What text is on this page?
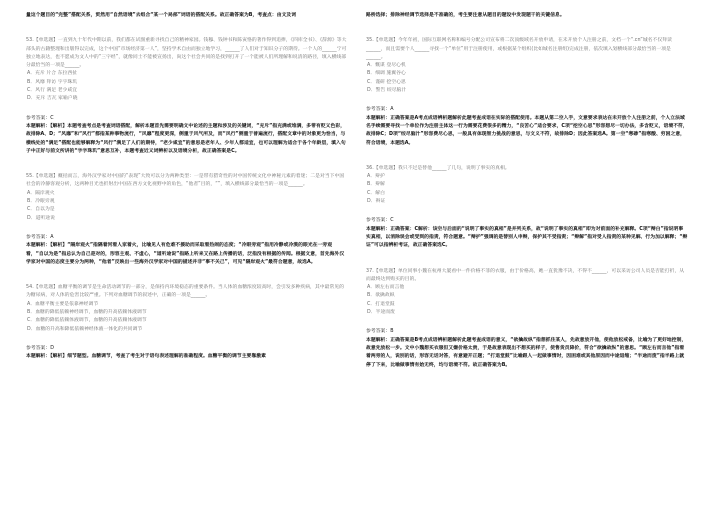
量这个题目的“完整”搭配关系，贸然用“自然语境”去组合“某一个局部”词语的搭配关系。故正确答案为B，考查点：由文及词

53.【单选题】一直到九十年代中期以前，我们都在试图重新寻找自己的精神家园。钱穆、钱钟书和陈寅恪的著作得到追捧，《四库全书》、《辞源》等大部头的古籍整理和出版得以完成，这个中国“市场经济第一人”，坚持学术自由而独立地学习，______了人们对于知识分子的期待。一个人的______宁可独立地表达，也不愿成为文人中的“三字经”，就像同士不能被宣扬出，尚这个社会共同的是找到打开了一个能被人们所理解和说清的路径，填入横线部分最恰当的一项是______。

A．充斥 片合 东拉西扯
B．风靡 拜访 字字珠玑
C．风行 满足 老少咸宜
D．充斥 吉瓦 家喻户晓
参考答案：C

本题解析：【解析】本题考查考点是考查词语搭配，解析本题首先需要明确文中论述的主题和涉及的关键词，“充斥”指充满或堆满，多带有贬义色彩，故排除A、D；“风靡”和“风行”都指某种事物流行，“风靡”程度更深，侧重于风气所及，而“风行”侧重于普遍流行，搭配文章中的对象更为恰当，与横线处的“满足”搭配也能够解释为“风行”满足了人们的期待，“老少咸宜”的意思是老年人、少年人都适宜，也可以理解为适合于各个年龄层，填入句子中正好与前文所讲的“字字珠玑”意思互补，本题考查近义词辨析以及语境分析，故正确答案是C。

55.【单选题】概括而言，海外汉学家对中国的“表现”大致可以分为两种类型：一是带有猎奇性的对中国传统文化中神秘元素的着迷；二是对当下中国社会的冷静客观分析，这两种目光也折射出中国在西方文化视野中的角色，“他者”目的，“”，填入横线部分最恰当的一项是______。

A．隔岸观火
B．冷眼旁观
C．自以为是
D．道听途说
参考答案：A

本题解析：【解析】“隔岸观火”指隔着河看人家着火，比喻见人有危难不援助而采取看热闹的态度；“冷眼旁观”指用冷静或冷漠的眼光在一旁观看，“自以为是”指总认为自己是对的，形容主观、不虚心，“道听途说”指路上听来又在路上传播的话，泛指没有根据的传闻。根据文意，首先海外汉学家对中国的态度主要分为两种，“他者”反映出一些海外汉学家对中国的描述并非“事不关己”，可见“隔岸观火”最符合题意，故选A。

54.【单选题】血糖平衡的调节是生命活动调节的一部分，是保持内环境稳态的重要条件。当人体的血糖浓度较高时，会引发多种疾病，其中最常见的为糖尿病，对人体的危害比较严重。下列对血糖调节的叙述中，正确的一项是______。

A．血糖平衡主要是依靠神经调节
B．血糖的降低依赖神经调节，血糖的升高依赖体液调节
C．血糖的降低依赖体液调节，血糖的升高依赖体液调节
D．血糖的升高和降低依赖神经体液一体化的共同调节
参考答案：D

本题解析：【解析】细节题型。血糖调节，考查了考生对于语句表述理解的准确程度。血糖平衡的调节主要靠激素

路桥选择；排除神经调节选择是不准确的，考生要注意从题目的题设中发现题干的关键信息。

35.【单选题】今年年初，国际互联网名称和编号分配公司宣布将二次顶级域名开放申请，在未开放个人注册之前，文档一个“.cn”城名不仅拜读______，而且需要个人______寻找一个“单位”用于注册使用，或根据某个组织(比如城名注册组)完成注册，依次填入划横线部分最恰当的一项是______。

A．慨谋 登尽心机
B．细调 施翼谷心
C．谨研 挖空心思
D．警告 绞尽脑汁
参考答案：A

本题解析：正确答案是A考点成语辨析题解析此题考查成语在实际的搭配使用。本题从第二空入手，文意要求表达在未开放个人注册之前，个人立法域名手续需要寻找一个单位作为注册主体这一行为需要花费很多的精力，“良苦心”适合要求，C项“挖空心思”形容想尽一切办法，多含贬义，语境不符，故排除C；D项“绞尽脑汁”形容费尽心思，一般具有体现智力挑战的意思，与文义不符，故排除D；因此答案选A。第一空“寒碜”指寒酸、穷困之意，符合语境，本题选A。

36.【单选题】我只不过是替他______了几句，说明了事实的真相。

A．辩护
B．辩解
C．解白
D．辩证
参考答案：C

本题解析：正确答案：C解析：该空与后面的“说明了事实的真相”是并列关系，故“说明了事实的真相”即为对前面的补充解释。C项“辩白”指说明事实真相，以消除误会或受到的指责，符合题意。“辩护”强调的是替别人申辩，保护其不受指责；“辩解”指对受人指责的某种见解、行为加以解释；“辩证”可以指辨析考证，故正确答案选C。

37.【单选题】单位同事小魏在杭州大厦看中一件价格不菲的衣服，由于价格高，她一直犹豫不决，不得不______，可以采访公司人员是否能打折，从而最终达到购买的目的。

A．顾左右而言他
B．欲擒故纵
C．打退堂鼓
D．半途而废
参考答案：B

本题解析：正确答案是B考点成语辨析题解析此题考查成语的意义，“欲擒故纵”指想抓住某人，先故意放开他，使他放松戒备，比喻为了更好地控制，故意先放松一步。文中小魏想买衣服但又嫌价格太贵，于是故意表现出不想买的样子，使售货员降价，符合“欲擒故纵”的意思。“顾左右而言他”指看着两旁的人，说别的话，形容无话对答，有意避开正题；“打退堂鼓”比喻跟人一起做事情时，因困难或其他原因而中途退缩；“半途而废”指半路上就停了下来，比喻做事情有始无终，均与语境不符。故正确答案为B。
